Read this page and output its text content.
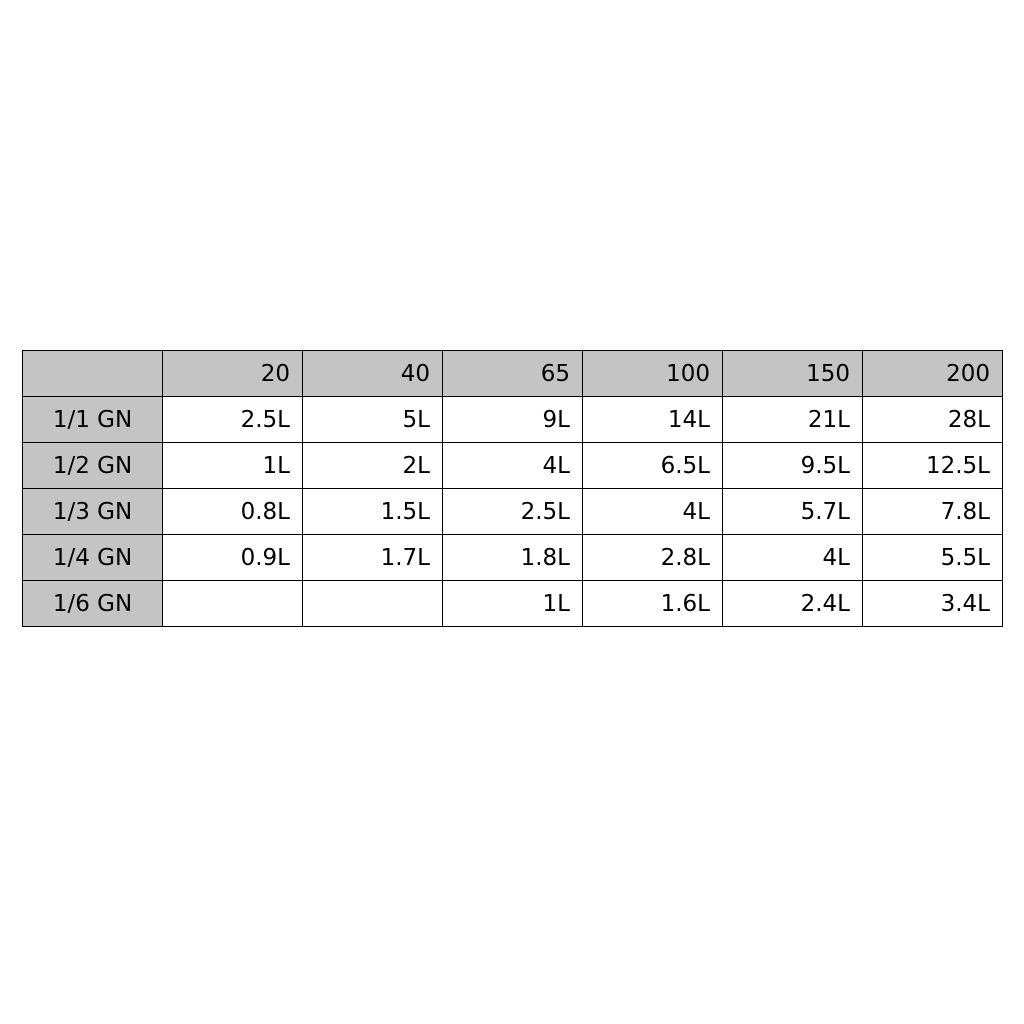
	20	40	65	100	150	200
1/1 GN	2.5L	5L	9L	14L	21L	28L
1/2 GN	1L	2L	4L	6.5L	9.5L	12.5L
1/3 GN	0.8L	1.5L	2.5L	4L	5.7L	7.8L
1/4 GN	0.9L	1.7L	1.8L	2.8L	4L	5.5L
1/6 GN			1L	1.6L	2.4L	3.4L
